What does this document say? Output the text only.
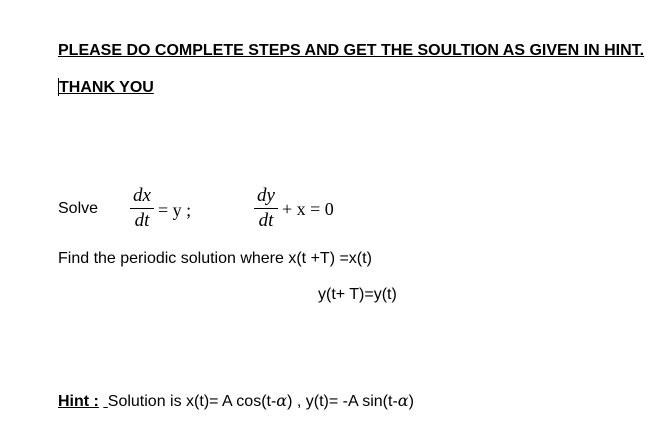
PLEASE DO COMPLETE STEPS AND GET THE SOULTION AS GIVEN IN HINT.
THANK YOU
Solve
dx
dt = y ;
dy
dt
+ x = 0
Find the periodic solution where x(t +T) =x(t)
y(t+ T)=y(t)
Hint : Solution is x(t)= A cos(t-α) , y(t)= -A sin(t-α)
